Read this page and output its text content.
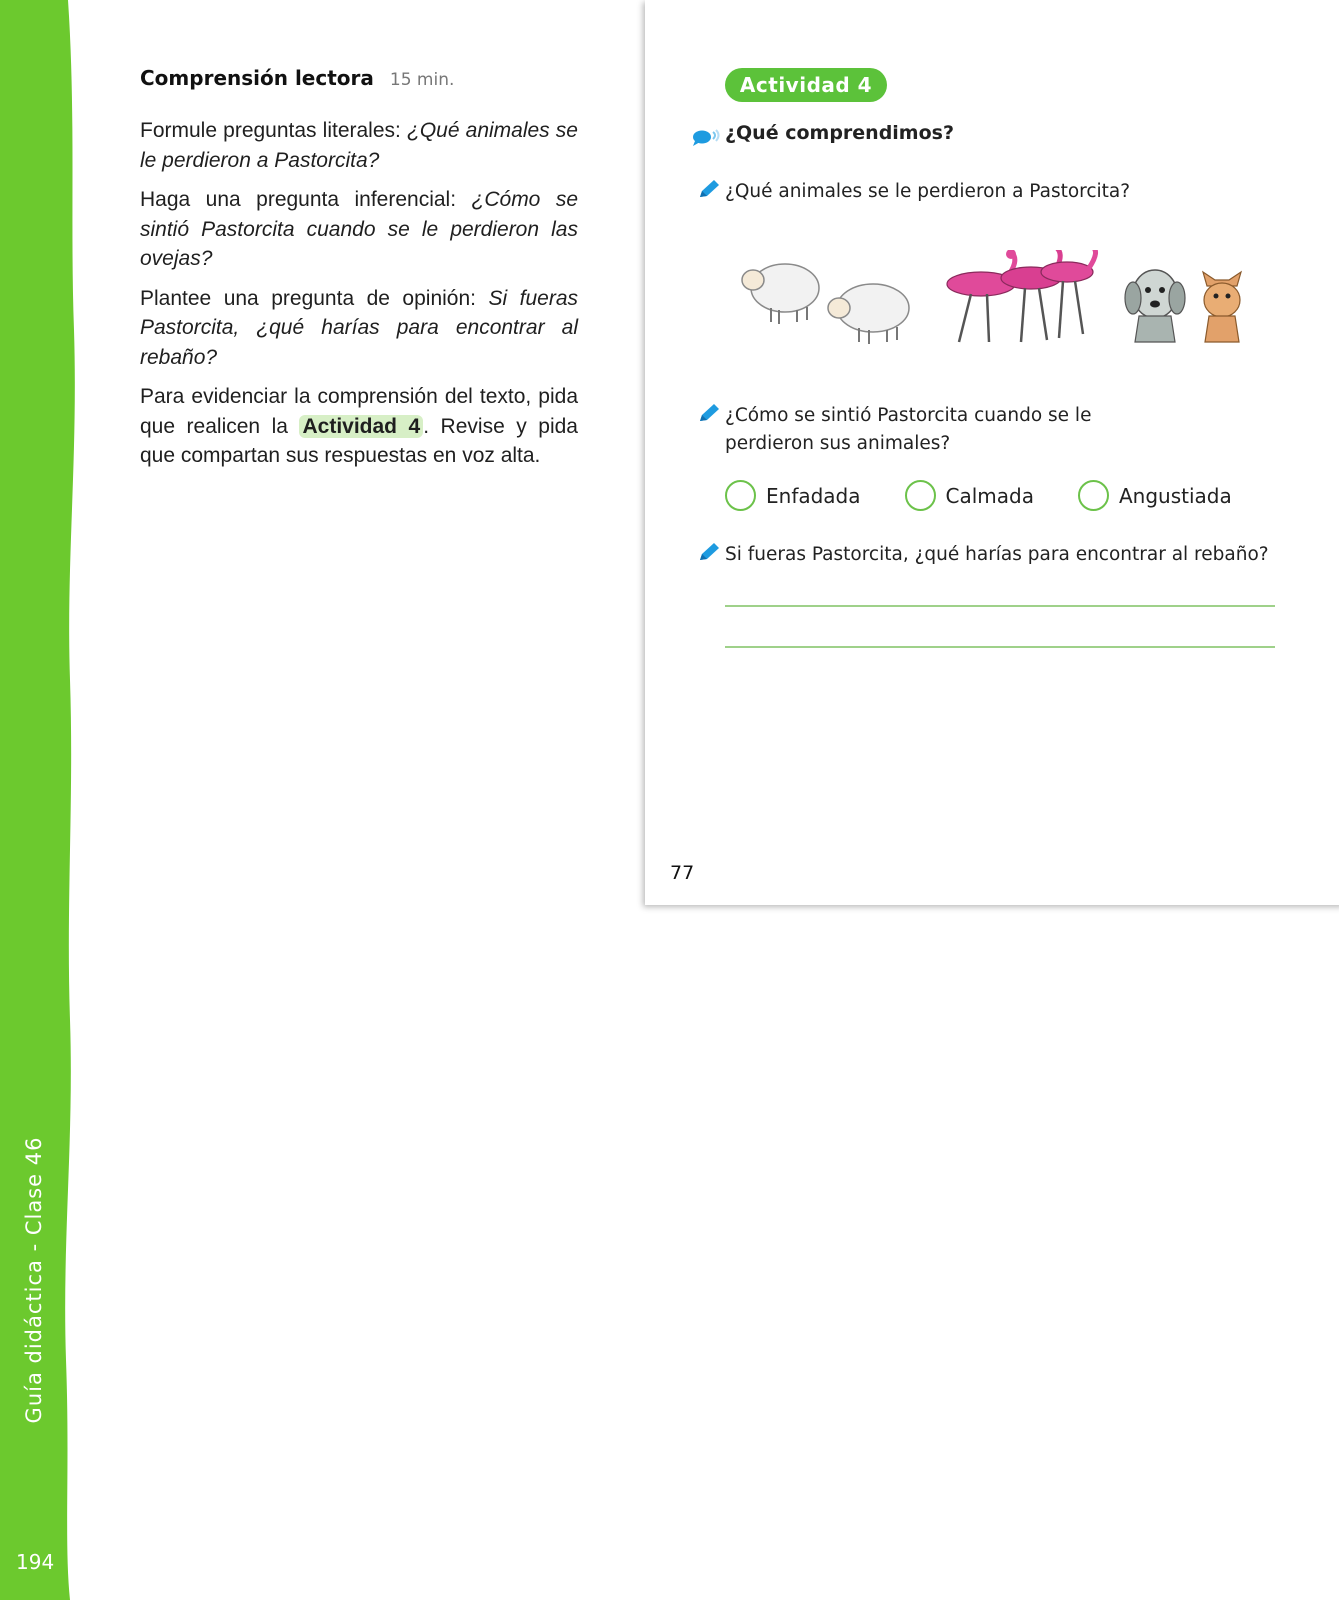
Guía didáctica - Clase 46
194
Comprensión lectora 15 min.

Formule preguntas literales: ¿Qué animales se le perdieron a Pastorcita?

Haga una pregunta inferencial: ¿Cómo se sintió Pastorcita cuando se le perdieron las ovejas?

Plantee una pregunta de opinión: Si fueras Pastorcita, ¿qué harías para encontrar al rebaño?

Para evidenciar la comprensión del texto, pida que realicen la Actividad 4 . Revise y pida que compartan sus respuestas en voz alta.

Actividad 4
¿Qué comprendimos?
¿Qué animales se le perdieron a Pastorcita?
¿Cómo se sintió Pastorcita cuando se le perdieron sus animales?
Enfadada	Calmada	Angustiada
Si fueras Pastorcita, ¿qué harías para encontrar al rebaño?
77
